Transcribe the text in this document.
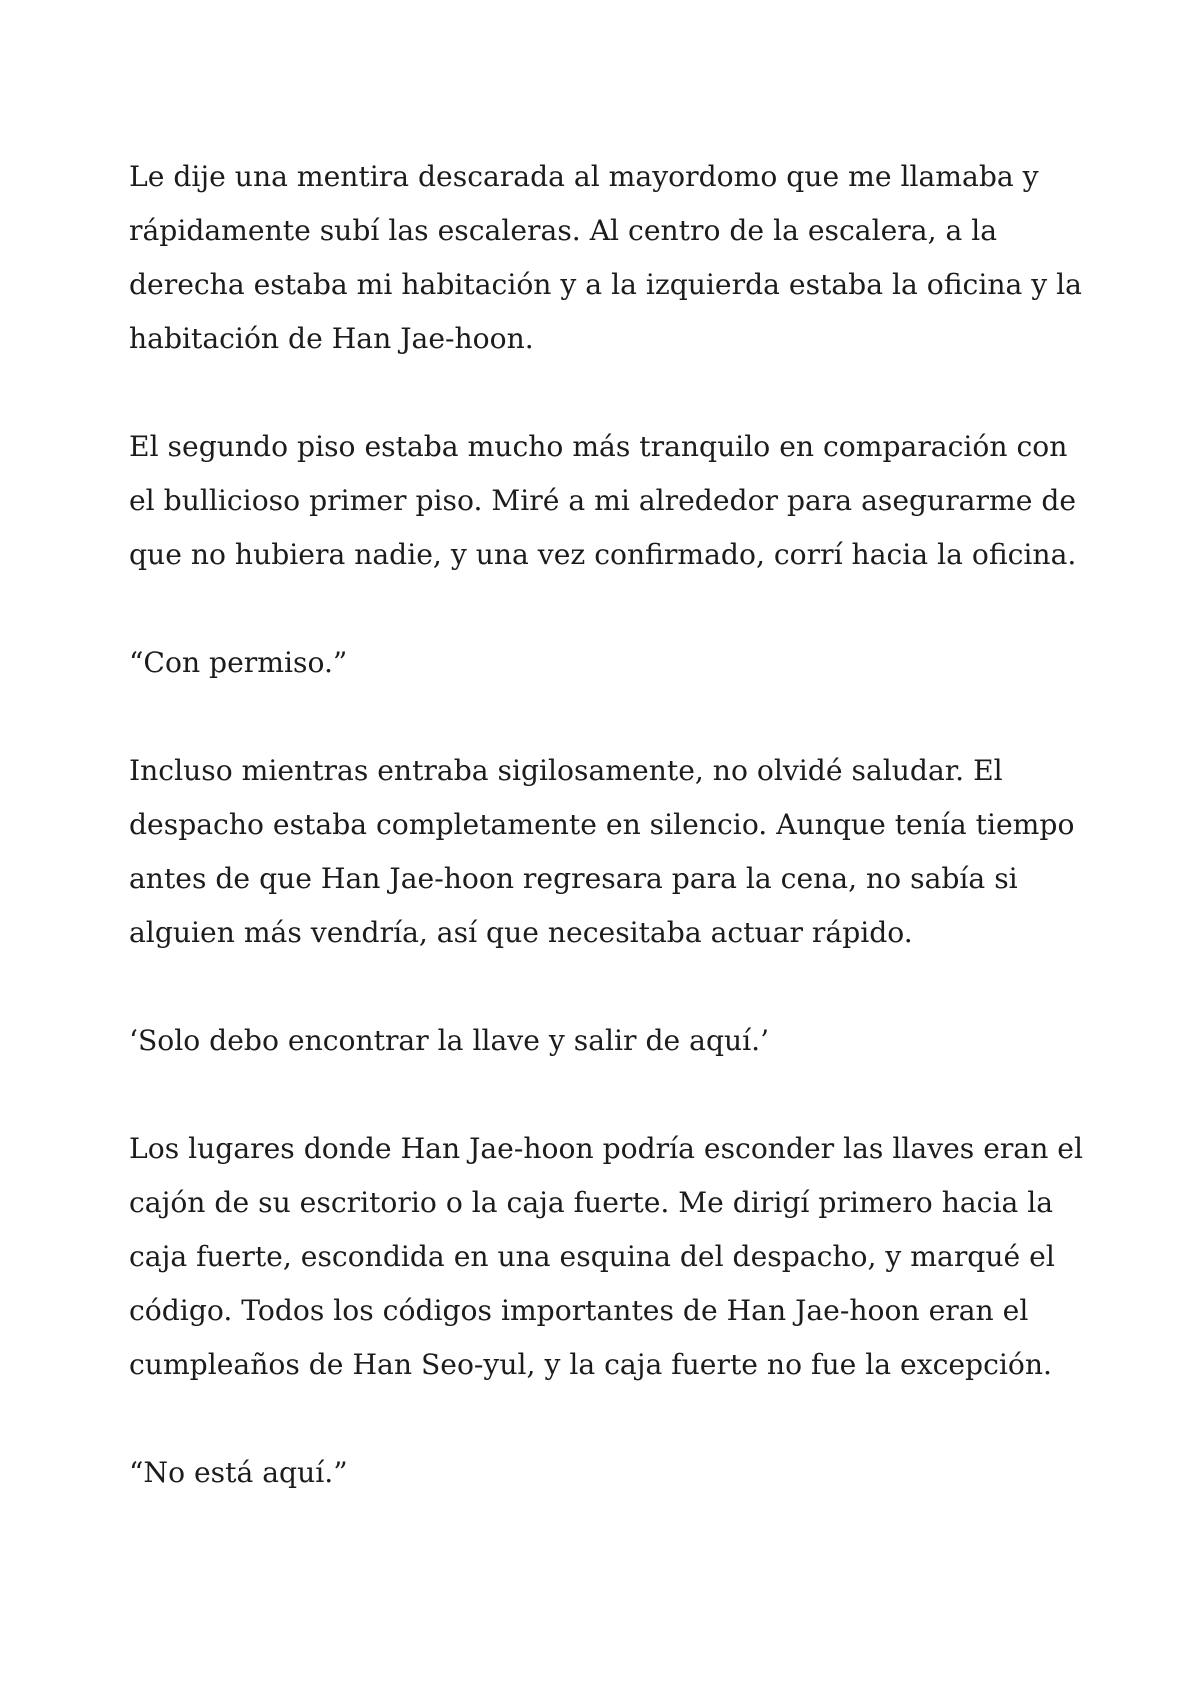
Le dije una mentira descarada al mayordomo que me llamaba y
rápidamente subí las escaleras. Al centro de la escalera, a la
derecha estaba mi habitación y a la izquierda estaba la oficina y la
habitación de Han Jae-hoon.

El segundo piso estaba mucho más tranquilo en comparación con
el bullicioso primer piso. Miré a mi alrededor para asegurarme de
que no hubiera nadie, y una vez confirmado, corrí hacia la oficina.

“Con permiso.”

Incluso mientras entraba sigilosamente, no olvidé saludar. El
despacho estaba completamente en silencio. Aunque tenía tiempo
antes de que Han Jae-hoon regresara para la cena, no sabía si
alguien más vendría, así que necesitaba actuar rápido.

‘Solo debo encontrar la llave y salir de aquí.’

Los lugares donde Han Jae-hoon podría esconder las llaves eran el
cajón de su escritorio o la caja fuerte. Me dirigí primero hacia la
caja fuerte, escondida en una esquina del despacho, y marqué el
código. Todos los códigos importantes de Han Jae-hoon eran el
cumpleaños de Han Seo-yul, y la caja fuerte no fue la excepción.

“No está aquí.”
